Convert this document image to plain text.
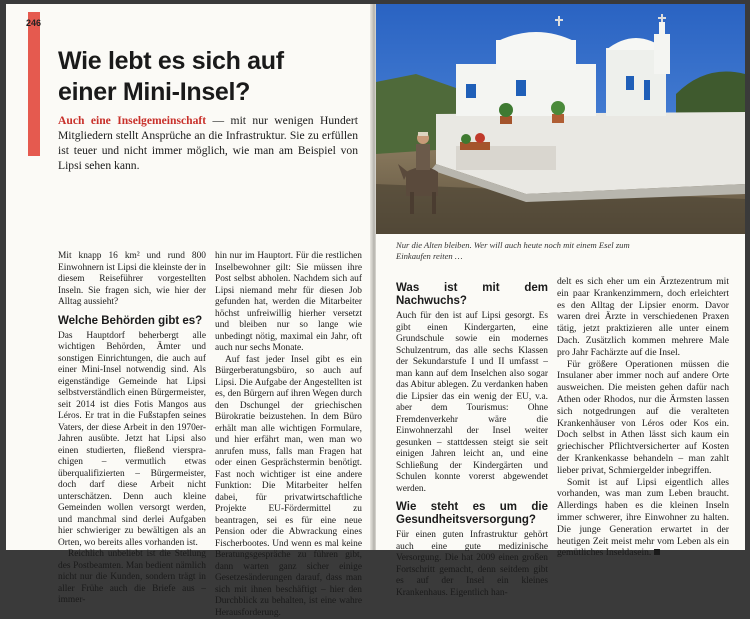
246
Wie lebt es sich auf
einer Mini-Insel?

Auch eine Inselgemeinschaft — mit nur wenigen Hundert Mitgliedern stellt Ansprüche an die Infrastruktur. Sie zu erfüllen ist teuer und nicht immer möglich, wie man am Beispiel von Lipsi sehen kann.

Mit knapp 16 km² und rund 800 Einwohnern ist Lipsi die kleinste der in diesem Reiseführer vorgestellten Inseln. Sie fragen sich, wie hier der Alltag aussieht?

Welche Behörden gibt es?

Das Hauptdorf beherbergt alle wichtigen Behörden, Ämter und sonstigen Einrichtungen, die auch auf einer Mini-Insel notwendig sind. Als eigenständige Gemeinde hat Lipsi selbstverständlich einen Bürgermeister, seit 2014 ist dies Fotis Mangos aus Léros. Er trat in die Fußstapfen seines Vaters, der diese Arbeit in den 1970er-Jahren ausübte. Jetzt hat Lipsi also einen studierten, fließend viersprachigen – vermutlich etwas überqualifizierten – Bürgermeister, doch darf diese Arbeit nicht unterschätzen. Denn auch kleine Gemeinden wollen versorgt werden, und manchmal sind derlei Aufgaben hier schwieriger zu bewältigen als an Orten, wo bereits alles vorhanden ist.

Reichlich unbeliebt ist die Stellung des Postbeamten. Man bedient nämlich nicht nur die Kunden, sondern trägt in aller Frühe auch die Briefe aus – immer-

hin nur im Hauptort. Für die restlichen Inselbewohner gilt: Sie müssen ihre Post selbst abholen. Nachdem sich auf Lipsi niemand mehr für diesen Job gefunden hat, werden die Mitarbeiter höchst unfreiwillig hierher versetzt und bleiben nur so lange wie unbedingt nötig, maximal ein Jahr, oft auch nur sechs Monate.

Auf fast jeder Insel gibt es ein Bürgerberatungsbüro, so auch auf Lipsi. Die Aufgabe der Angestellten ist es, den Bürgern auf ihren Wegen durch den Dschungel der griechischen Bürokratie beizustehen. In dem Büro erhält man alle wichtigen Formulare, und hier erfährt man, wen man wo anrufen muss, falls man Fragen hat oder einen Gesprächstermin benötigt. Fast noch wichtiger ist eine andere Funktion: Die Mitarbeiter helfen dabei, für privatwirtschaftliche Projekte EU-Fördermittel zu beantragen, sei es für eine neue Pension oder die Abwrackung eines Fischerbootes. Und wenn es mal keine Beratungsgespräche zu führen gibt, dann warten ganz sicher einige Gesetzesänderungen darauf, dass man sich mit ihnen beschäftigt – hier den Durchblick zu behalten, ist eine wahre Herausforderung.

Nur die Alten bleiben. Wer will auch heute noch mit einem Esel zum Einkaufen reiten …

Was ist mit dem Nachwuchs?

Auch für den ist auf Lipsi gesorgt. Es gibt einen Kindergarten, eine Grundschule sowie ein modernes Schulzentrum, das alle sechs Klassen der Sekundarstufe I und II umfasst – man kann auf dem Inselchen also sogar das Abitur ablegen. Zu verdanken haben die Lipsier das ein wenig der EU, v.a. aber dem Tourismus: Ohne Fremdenverkehr wäre die Einwohnerzahl der Insel weiter gesunken – stattdessen steigt sie seit einigen Jahren leicht an, und eine Schließung der Kindergärten und Schulen konnte vorerst abgewendet werden.

Wie steht es um die Gesundheitsversorgung?

Für einen guten Infrastruktur gehört auch eine gute medizinische Versorgung. Die hat 2009 einen großen Fortschritt gemacht, denn seitdem gibt es auf der Insel ein kleines Krankenhaus. Eigentlich han-

delt es sich eher um ein Ärztezentrum mit ein paar Krankenzimmern, doch erleichtert es den Alltag der Lipsier enorm. Davor waren drei Ärzte in verschiedenen Praxen tätig, jetzt praktizieren alle unter einem Dach. Zusätzlich kommen mehrere Male pro Jahr Fachärzte auf die Insel.

Für größere Operationen müssen die Insulaner aber immer noch auf andere Orte ausweichen. Die meisten gehen dafür nach Athen oder Rhodos, nur die Ärmsten lassen sich notgedrungen auf die veralteten Krankenhäuser von Léros oder Kos ein. Doch selbst in Athen lässt sich kaum ein griechischer Pflichtversicherter auf Kosten der Krankenkasse behandeln – man zahlt lieber privat, Schmiergelder inbegriffen.

Somit ist auf Lipsi eigentlich alles vorhanden, was man zum Leben braucht. Allerdings haben es die kleinen Inseln immer schwerer, ihre Einwohner zu halten. Die junge Generation erwartet in der heutigen Zeit meist mehr vom Leben als ein gemütliches Inseldasein.
